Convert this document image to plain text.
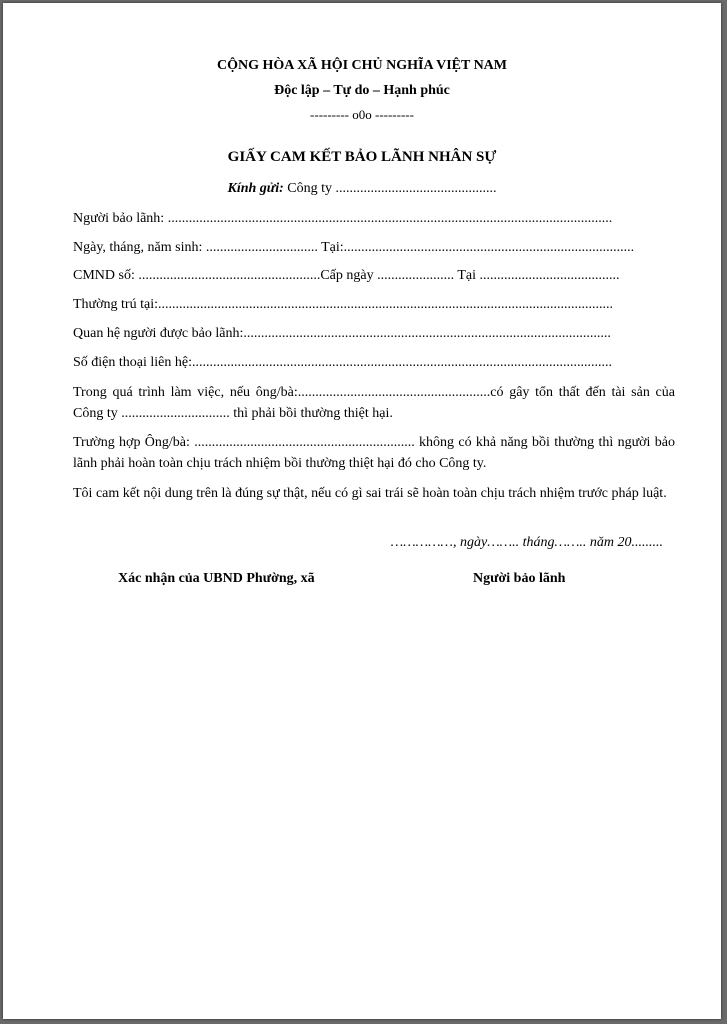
CỘNG HÒA XÃ HỘI CHỦ NGHĨA VIỆT NAM
Độc lập – Tự do – Hạnh phúc
--------- o0o ---------
GIẤY CAM KẾT BẢO LÃNH NHÂN SỰ
Kính gửi: Công ty ..............................................
Người bảo lãnh: ...............................................................................................................................
Ngày, tháng, năm sinh: ................................ Tại:...................................................................................
CMND số: ....................................................Cấp ngày ...................... Tại ........................................
Thường trú tại:..................................................................................................................................
Quan hệ người được bảo lãnh:.........................................................................................................
Số điện thoại liên hệ:........................................................................................................................
Trong quá trình làm việc, nếu ông/bà:.......................................................có gây tổn thất đến tài sản của Công ty ............................... thì phải bồi thường thiệt hại.
Trường hợp Ông/bà: ............................................................... không có khả năng bồi thường thì người bảo lãnh phải hoàn toàn chịu trách nhiệm bồi thường thiệt hại đó cho Công ty.
Tôi cam kết nội dung trên là đúng sự thật, nếu có gì sai trái sẽ hoàn toàn chịu trách nhiệm trước pháp luật.
……………, ngày…….. tháng…….. năm 20.........
Xác nhận của UBND Phường, xã	Người bảo lãnh
